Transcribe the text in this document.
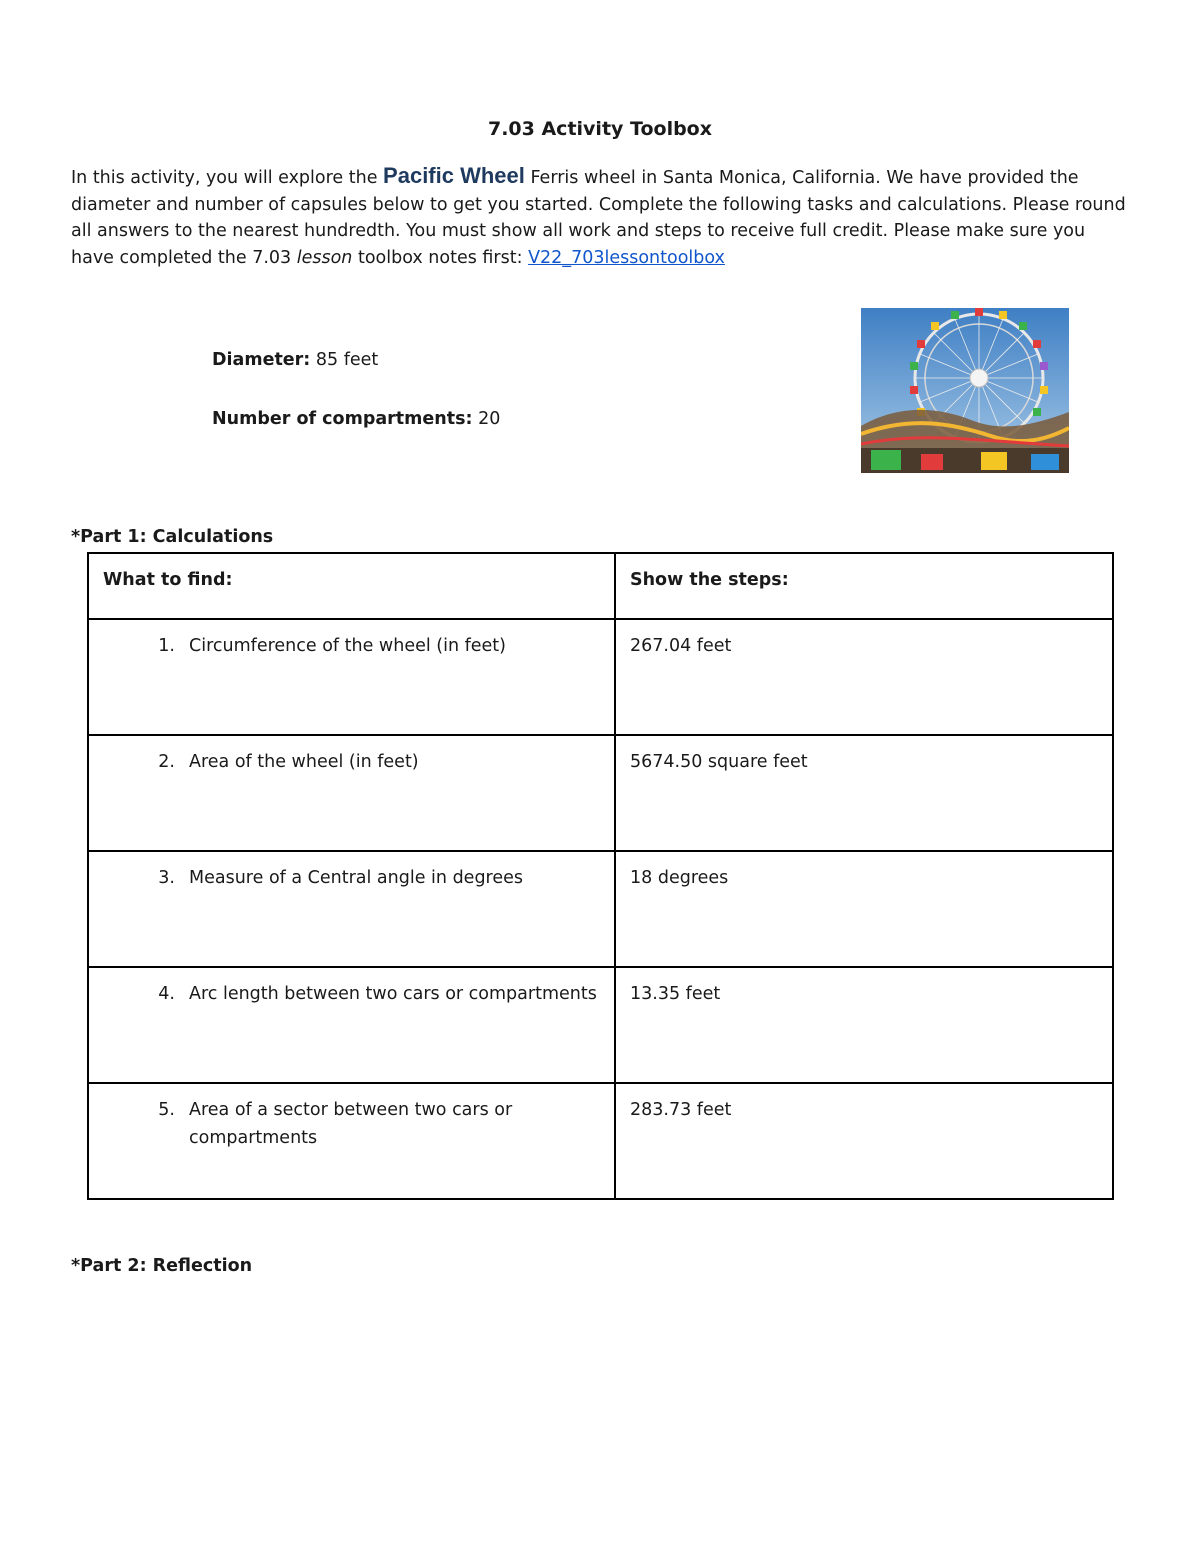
7.03 Activity Toolbox
In this activity, you will explore the Pacific Wheel Ferris wheel in Santa Monica, California. We have provided the diameter and number of capsules below to get you started. Complete the following tasks and calculations. Please round all answers to the nearest hundredth. You must show all work and steps to receive full credit. Please make sure you have completed the 7.03 lesson toolbox notes first: V22_703lessontoolbox
Diameter: 85 feet
Number of compartments: 20
*Part 1: Calculations
What to find:	Show the steps:

1. Circumference of the wheel (in feet)	267.04 feet

2. Area of the wheel (in feet)	5674.50 square feet

3. Measure of a Central angle in degrees	18 degrees

4. Arc length between two cars or compartments	13.35 feet

5. Area of a sector between two cars or compartments	283.73 feet
*Part 2: Reflection
